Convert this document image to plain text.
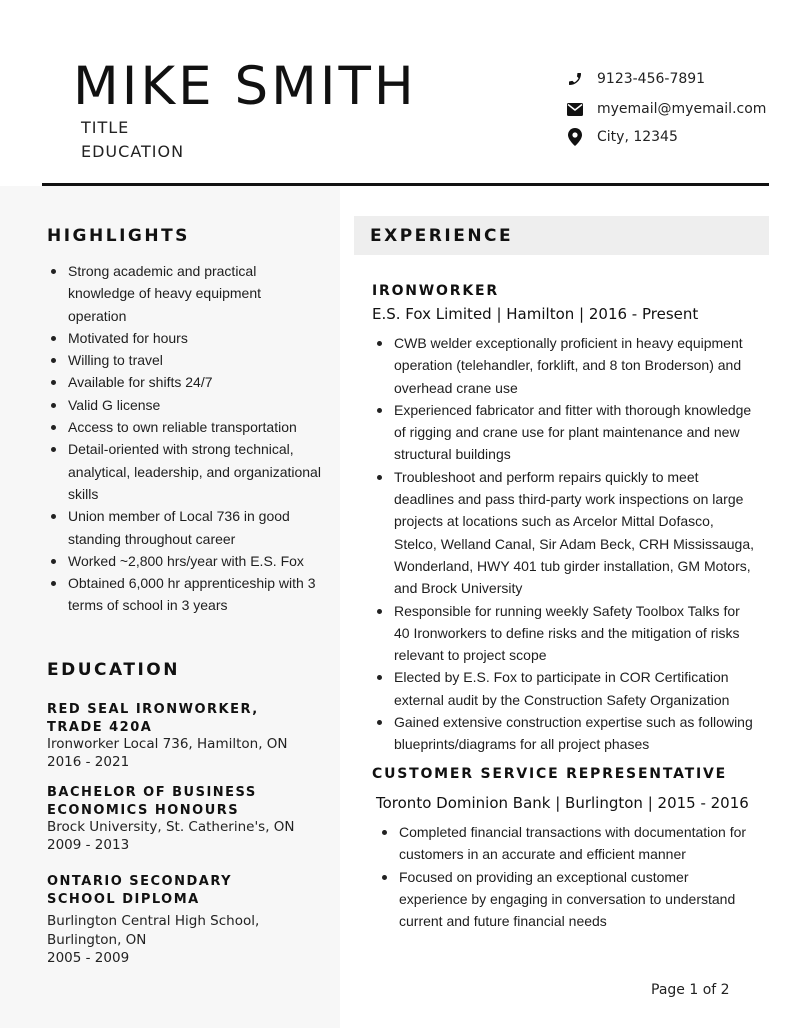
MIKE SMITH

TITLE

EDUCATION

9123-456-7891
myemail@myemail.com
City, 12345
HIGHLIGHTS
Strong academic and practical knowledge of heavy equipment operation
Motivated for hours
Willing to travel
Available for shifts 24/7
Valid G license
Access to own reliable transportation
Detail-oriented with strong technical, analytical, leadership, and organizational skills
Union member of Local 736 in good standing throughout career
Worked ~2,800 hrs/year with E.S. Fox
Obtained 6,000 hr apprenticeship with 3 terms of school in 3 years
EDUCATION

RED SEAL IRONWORKER,

TRADE 420A

Ironworker Local 736, Hamilton, ON

2016 - 2021

BACHELOR OF BUSINESS

ECONOMICS HONOURS

Brock University, St. Catherine's, ON

2009 - 2013

ONTARIO SECONDARY

SCHOOL DIPLOMA

Burlington Central High School,

Burlington, ON

2005 - 2009

EXPERIENCE

IRONWORKER

E.S. Fox Limited | Hamilton | 2016 - Present

CWB welder exceptionally proficient in heavy equipment operation (telehandler, forklift, and 8 ton Broderson) and overhead crane use
Experienced fabricator and fitter with thorough knowledge of rigging and crane use for plant maintenance and new structural buildings
Troubleshoot and perform repairs quickly to meet deadlines and pass third-party work inspections on large projects at locations such as Arcelor Mittal Dofasco, Stelco, Welland Canal, Sir Adam Beck, CRH Mississauga, Wonderland, HWY 401 tub girder installation, GM Motors, and Brock University
Responsible for running weekly Safety Toolbox Talks for 40 Ironworkers to define risks and the mitigation of risks relevant to project scope
Elected by E.S. Fox to participate in COR Certification external audit by the Construction Safety Organization
Gained extensive construction expertise such as following blueprints/diagrams for all project phases

CUSTOMER SERVICE REPRESENTATIVE

Toronto Dominion Bank | Burlington | 2015 - 2016

Completed financial transactions with documentation for customers in an accurate and efficient manner
Focused on providing an exceptional customer experience by engaging in conversation to understand current and future financial needs
Page 1 of 2
